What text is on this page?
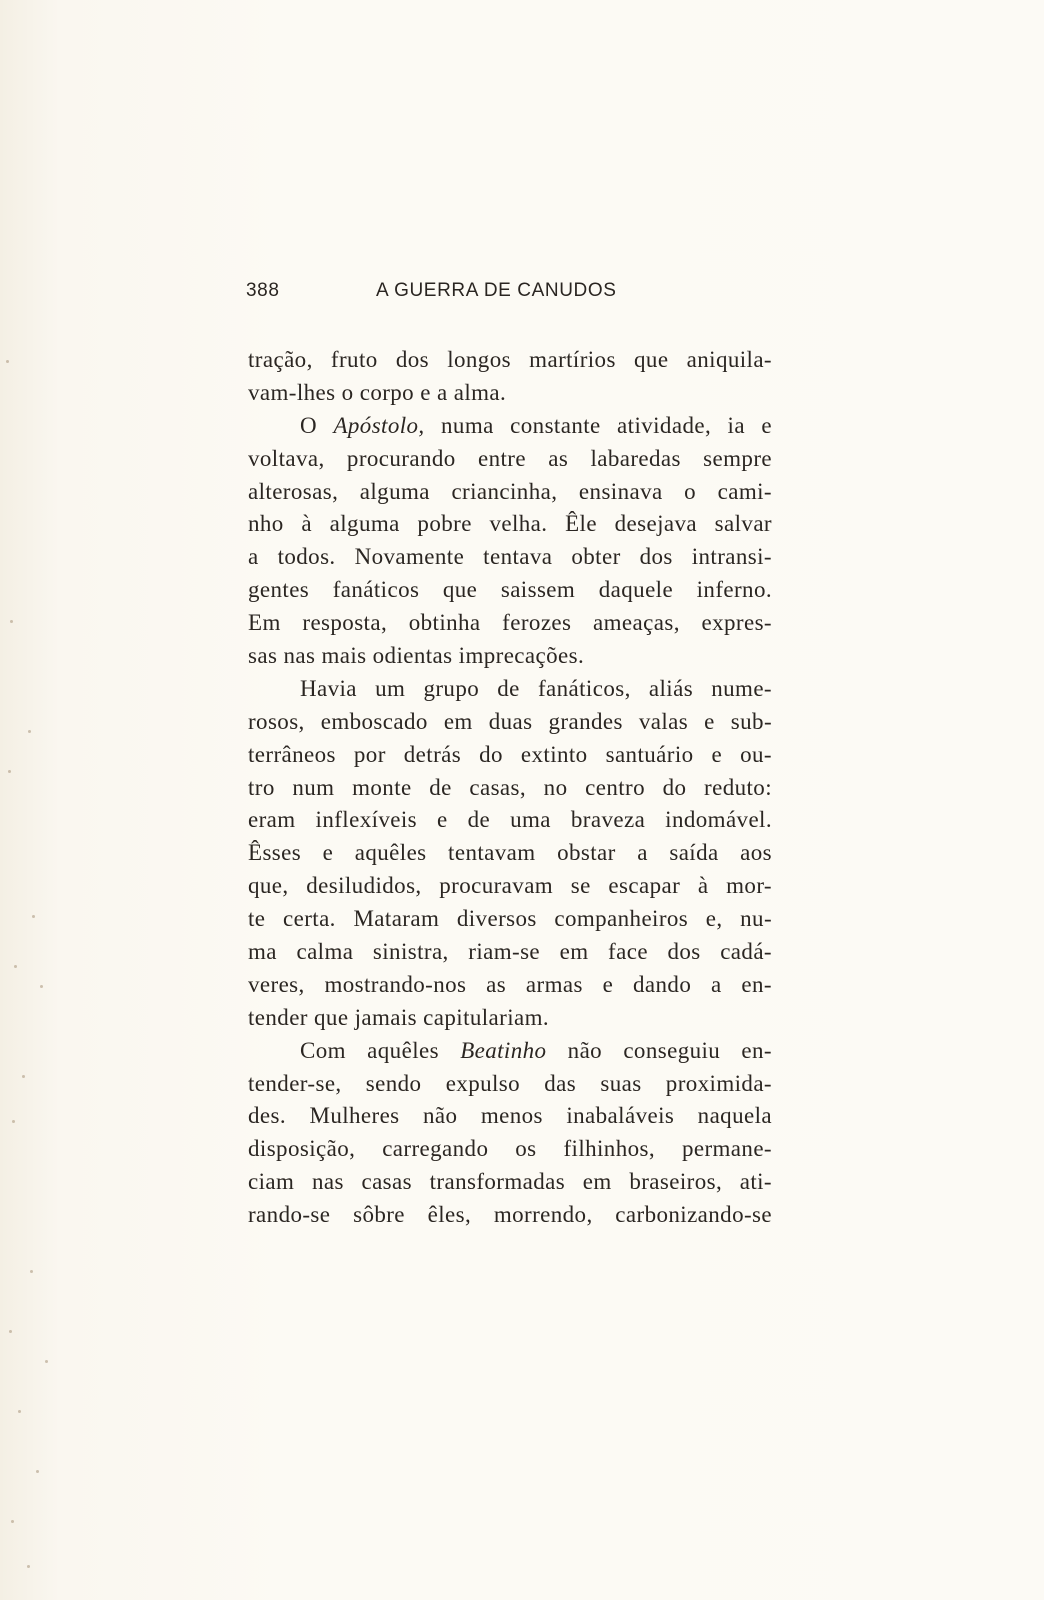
388	A GUERRA DE CANUDOS
tração, fruto dos longos martírios que aniquila-
vam-lhes o corpo e a alma.
O Apóstolo, numa constante atividade, ia e
voltava, procurando entre as labaredas sempre
alterosas, alguma criancinha, ensinava o cami-
nho à alguma pobre velha. Êle desejava salvar
a todos. Novamente tentava obter dos intransi-
gentes fanáticos que saissem daquele inferno.
Em resposta, obtinha ferozes ameaças, expres-
sas nas mais odientas imprecações.
Havia um grupo de fanáticos, aliás nume-
rosos, emboscado em duas grandes valas e sub-
terrâneos por detrás do extinto santuário e ou-
tro num monte de casas, no centro do reduto:
eram inflexíveis e de uma braveza indomável.
Êsses e aquêles tentavam obstar a saída aos
que, desiludidos, procuravam se escapar à mor-
te certa. Mataram diversos companheiros e, nu-
ma calma sinistra, riam-se em face dos cadá-
veres, mostrando-nos as armas e dando a en-
tender que jamais capitulariam.
Com aquêles Beatinho não conseguiu en-
tender-se, sendo expulso das suas proximida-
des. Mulheres não menos inabaláveis naquela
disposição, carregando os filhinhos, permane-
ciam nas casas transformadas em braseiros, ati-
rando-se sôbre êles, morrendo, carbonizando-se
